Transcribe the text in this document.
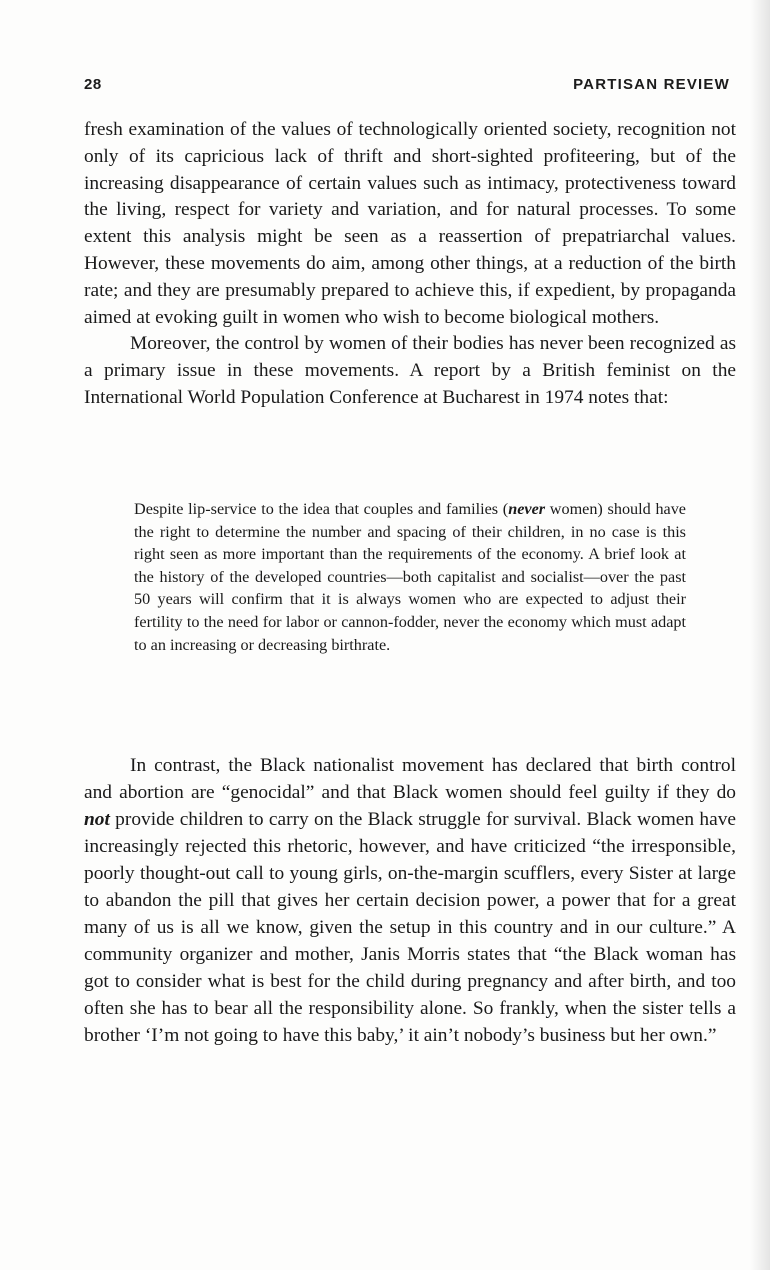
28	PARTISAN REVIEW

fresh examination of the values of technologically oriented society, recognition not only of its capricious lack of thrift and short-sighted profiteering, but of the increasing disappearance of certain values such as intimacy, protectiveness toward the living, respect for variety and variation, and for natural processes. To some extent this analysis might be seen as a reassertion of prepatriarchal values. However, these movements do aim, among other things, at a reduction of the birth rate; and they are presumably prepared to achieve this, if expedient, by propaganda aimed at evoking guilt in women who wish to become biological mothers.

Moreover, the control by women of their bodies has never been recognized as a primary issue in these movements. A report by a British feminist on the International World Population Conference at Bucharest in 1974 notes that:

Despite lip-service to the idea that couples and families (never women) should have the right to determine the number and spacing of their children, in no case is this right seen as more important than the requirements of the economy. A brief look at the history of the developed countries—both capitalist and socialist—over the past 50 years will confirm that it is always women who are expected to adjust their fertility to the need for labor or cannon-fodder, never the economy which must adapt to an increasing or decreasing birthrate.

In contrast, the Black nationalist movement has declared that birth control and abortion are “genocidal” and that Black women should feel guilty if they do not provide children to carry on the Black struggle for survival. Black women have increasingly rejected this rhetoric, however, and have criticized “the irresponsible, poorly thought-out call to young girls, on-the-margin scufflers, every Sister at large to abandon the pill that gives her certain decision power, a power that for a great many of us is all we know, given the setup in this country and in our culture.” A community organizer and mother, Janis Morris states that “the Black woman has got to consider what is best for the child during pregnancy and after birth, and too often she has to bear all the responsibility alone. So frankly, when the sister tells a brother ‘I’m not going to have this baby,’ it ain’t nobody’s business but her own.”
